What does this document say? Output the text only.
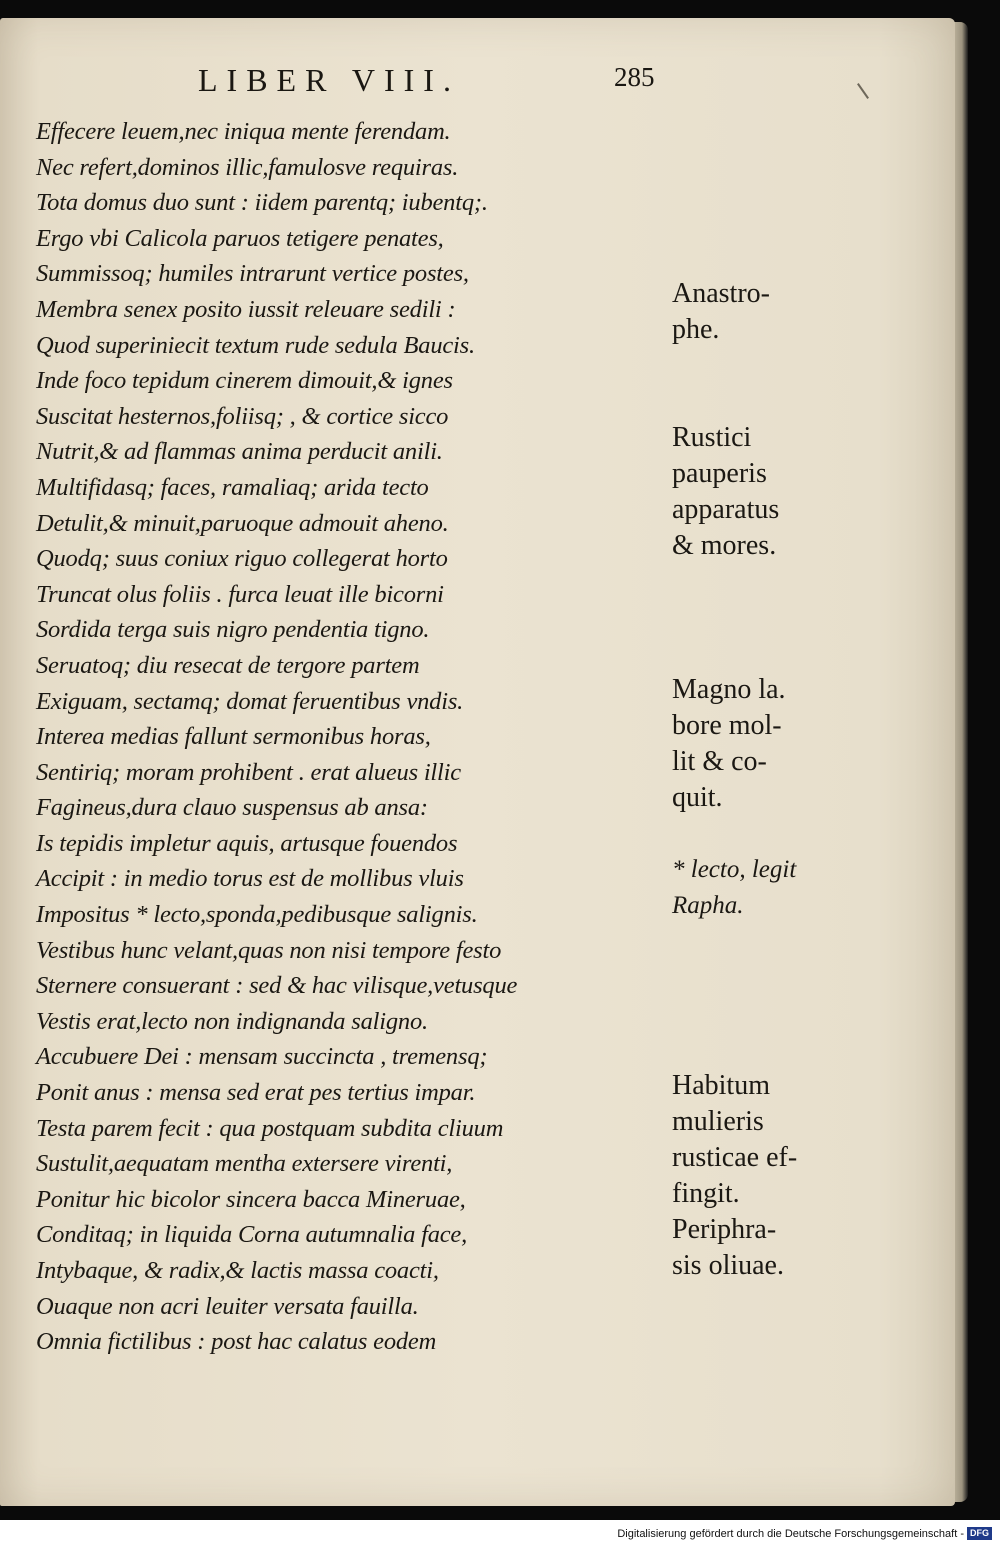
LIBER VIII.	285
Effecere leuem,nec iniqua mente ferendam.
Nec refert,dominos illic,famulosve requiras.
Tota domus duo sunt : iidem parentq; iubentq;.
Ergo vbi Calicola paruos tetigere penates,
Summissoq; humiles intrarunt vertice postes,
Membra senex posito iussit releuare sedili :
Quod superiniecit textum rude sedula Baucis.
Inde foco tepidum cinerem dimouit,& ignes
Suscitat hesternos,foliisq; , & cortice sicco
Nutrit,& ad flammas anima perducit anili.
Multifidasq; faces, ramaliaq; arida tecto
Detulit,& minuit,paruoque admouit aheno.
Quodq; suus coniux riguo collegerat horto
Truncat olus foliis . furca leuat ille bicorni
Sordida terga suis nigro pendentia tigno.
Seruatoq; diu resecat de tergore partem
Exiguam, sectamq; domat feruentibus vndis.
Interea medias fallunt sermonibus horas,
Sentiriq; moram prohibent . erat alueus illic
Fagineus,dura clauo suspensus ab ansa:
Is tepidis impletur aquis, artusque fouendos
Accipit : in medio torus est de mollibus vluis
Impositus * lecto,sponda,pedibusque salignis.
Vestibus hunc velant,quas non nisi tempore festo
Sternere consuerant : sed & hac vilisque,vetusque
Vestis erat,lecto non indignanda saligno.
Accubuere Dei : mensam succincta , tremensq;
Ponit anus : mensa sed erat pes tertius impar.
Testa parem fecit : qua postquam subdita cliuum
Sustulit,aequatam mentha extersere virenti,
Ponitur hic bicolor sincera bacca Mineruae,
Conditaq; in liquida Corna autumnalia face,
Intybaque, & radix,& lactis massa coacti,
Ouaque non acri leuiter versata fauilla.
Omnia fictilibus : post hac calatus eodem
Anastro-
phe.
Rustici
pauperis
apparatus
& mores.
Magno la.
bore mol-
lit & co-
quit.
* lecto, legit
Rapha.
Habitum
mulieris
rusticae ef-
fingit.
Periphra-
sis oliuae.
Digitalisierung gefördert durch die Deutsche Forschungsgemeinschaft - DFG
